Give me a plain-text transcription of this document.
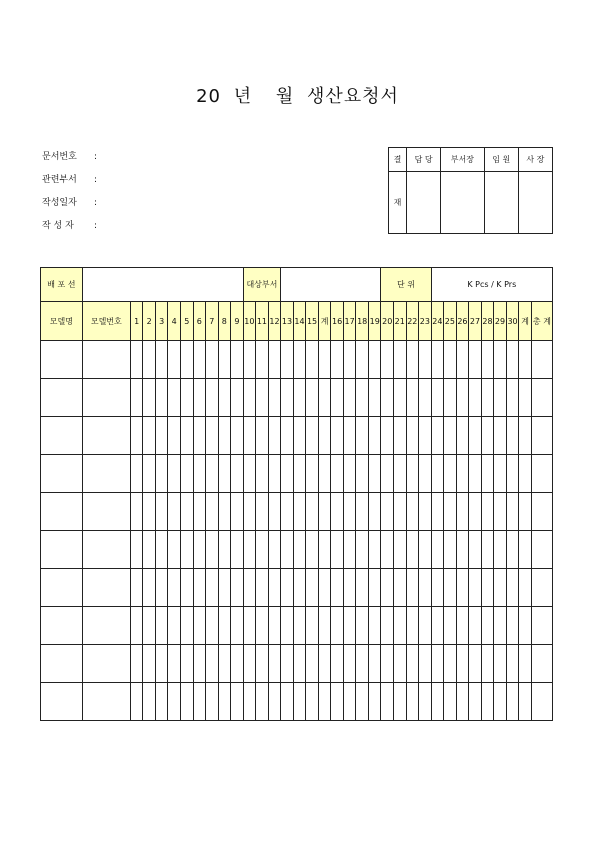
20 년 월 생산요청서
문서번호 :
관련부서 :
작성일자 :
작 성 자 :
결	담 당	부서장	임 원	사 장
재				
배 포 선											대상부서											단 위				K Pcs / K Prs								
모델명	모델번호	1	2	3	4	5	6	7	8	9	10	11	12	13	14	15	계	16	17	18	19	20	21	22	23	24	25	26	27	28	29	30	계	총 계
